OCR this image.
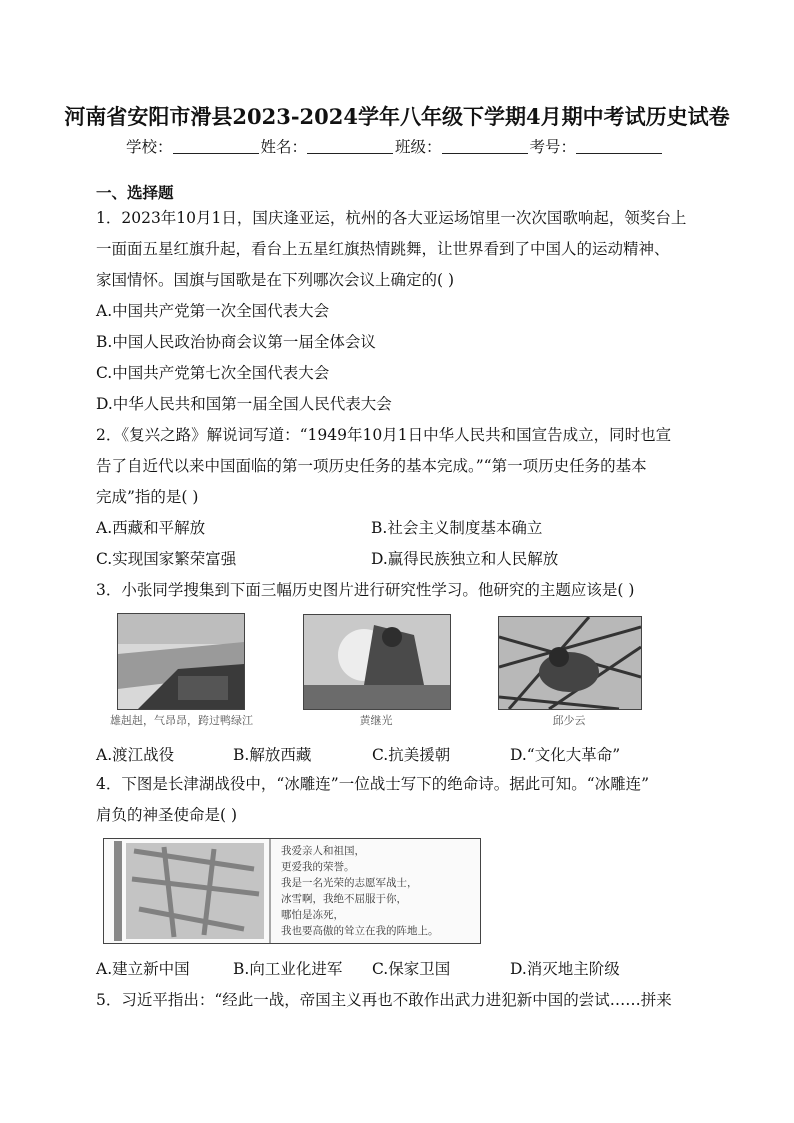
河南省安阳市滑县2023-2024学年八年级下学期4月期中考试历史试卷
学校：	姓名：	班级：	考号：
一、选择题
1．2023年10月1日，国庆逢亚运，杭州的各大亚运场馆里一次次国歌响起，领奖台上
一面面五星红旗升起，看台上五星红旗热情跳舞，让世界看到了中国人的运动精神、
家国情怀。国旗与国歌是在下列哪次会议上确定的( )
A.中国共产党第一次全国代表大会
B.中国人民政治协商会议第一届全体会议
C.中国共产党第七次全国代表大会
D.中华人民共和国第一届全国人民代表大会
2．《复兴之路》解说词写道：“1949年10月1日中华人民共和国宣告成立，同时也宣
告了自近代以来中国面临的第一项历史任务的基本完成。”“第一项历史任务的基本
完成”指的是( )
A.西藏和平解放	B.社会主义制度基本确立
C.实现国家繁荣富强	D.赢得民族独立和人民解放
3．小张同学搜集到下面三幅历史图片进行研究性学习。他研究的主题应该是( )
雄赳赳，气昂昂，跨过鸭绿江	黄继光	邱少云
A.渡江战役	B.解放西藏	C.抗美援朝	D.“文化大革命”
4．下图是长津湖战役中，“冰雕连”一位战士写下的绝命诗。据此可知。“冰雕连”
肩负的神圣使命是( )
我爱亲人和祖国，
更爱我的荣誉。
我是一名光荣的志愿军战士，
冰雪啊，我绝不屈服于你，
哪怕是冻死，
我也要高傲的耸立在我的阵地上。
A.建立新中国	B.向工业化进军 C.保家卫国	D.消灭地主阶级
5．习近平指出：“经此一战，帝国主义再也不敢作出武力进犯新中国的尝试……拼来
